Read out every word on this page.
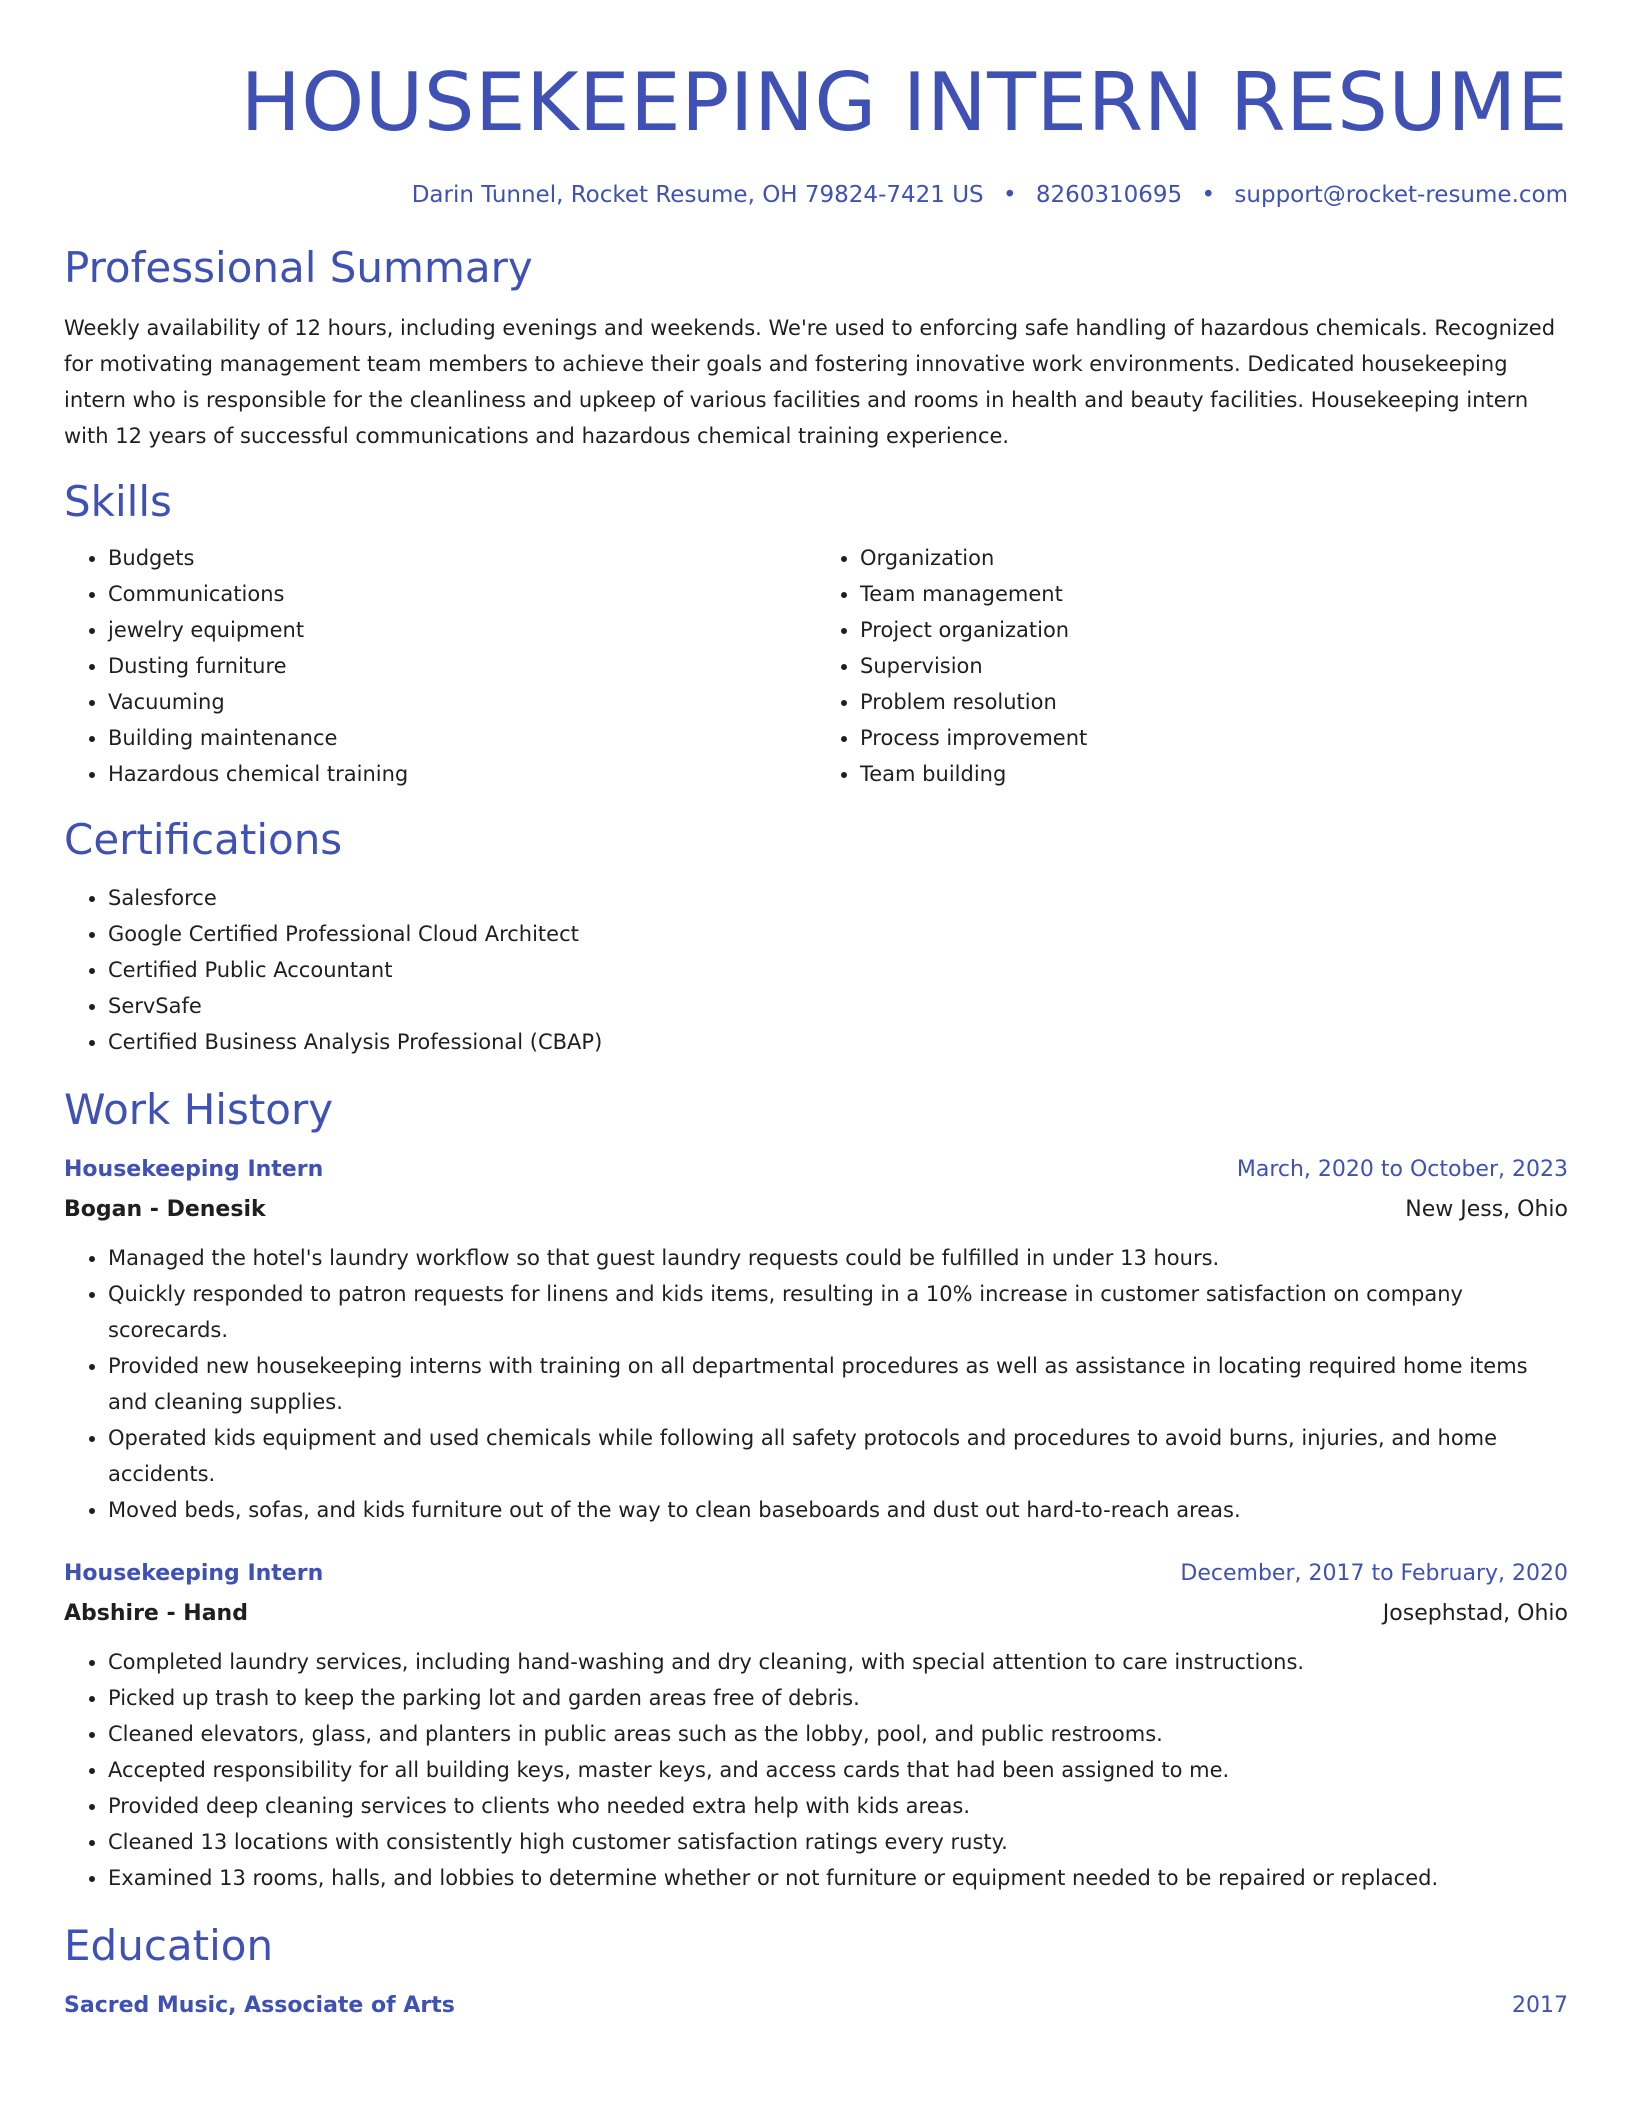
HOUSEKEEPING INTERN RESUME
Darin Tunnel, Rocket Resume, OH 79824-7421 US • 8260310695 • support@rocket-resume.com
Professional Summary

Weekly availability of 12 hours, including evenings and weekends. We're used to enforcing safe handling of hazardous chemicals. Recognized for motivating management team members to achieve their goals and fostering innovative work environments. Dedicated housekeeping intern who is responsible for the cleanliness and upkeep of various facilities and rooms in health and beauty facilities. Housekeeping intern with 12 years of successful communications and hazardous chemical training experience.

Skills
• Budgets
• Communications
• jewelry equipment
• Dusting furniture
• Vacuuming
• Building maintenance
• Hazardous chemical training
• Organization
• Team management
• Project organization
• Supervision
• Problem resolution
• Process improvement
• Team building
Certifications
• Salesforce
• Google Certified Professional Cloud Architect
• Certified Public Accountant
• ServSafe
• Certified Business Analysis Professional (CBAP)
Work History
Housekeeping Intern	March, 2020 to October, 2023
Bogan - Denesik	New Jess, Ohio
• Managed the hotel's laundry workflow so that guest laundry requests could be fulfilled in under 13 hours.
• Quickly responded to patron requests for linens and kids items, resulting in a 10% increase in customer satisfaction on company scorecards.
• Provided new housekeeping interns with training on all departmental procedures as well as assistance in locating required home items and cleaning supplies.
• Operated kids equipment and used chemicals while following all safety protocols and procedures to avoid burns, injuries, and home accidents.
• Moved beds, sofas, and kids furniture out of the way to clean baseboards and dust out hard-to-reach areas.
Housekeeping Intern	December, 2017 to February, 2020
Abshire - Hand	Josephstad, Ohio
• Completed laundry services, including hand-washing and dry cleaning, with special attention to care instructions.
• Picked up trash to keep the parking lot and garden areas free of debris.
• Cleaned elevators, glass, and planters in public areas such as the lobby, pool, and public restrooms.
• Accepted responsibility for all building keys, master keys, and access cards that had been assigned to me.
• Provided deep cleaning services to clients who needed extra help with kids areas.
• Cleaned 13 locations with consistently high customer satisfaction ratings every rusty.
• Examined 13 rooms, halls, and lobbies to determine whether or not furniture or equipment needed to be repaired or replaced.
Education
Sacred Music, Associate of Arts	2017
